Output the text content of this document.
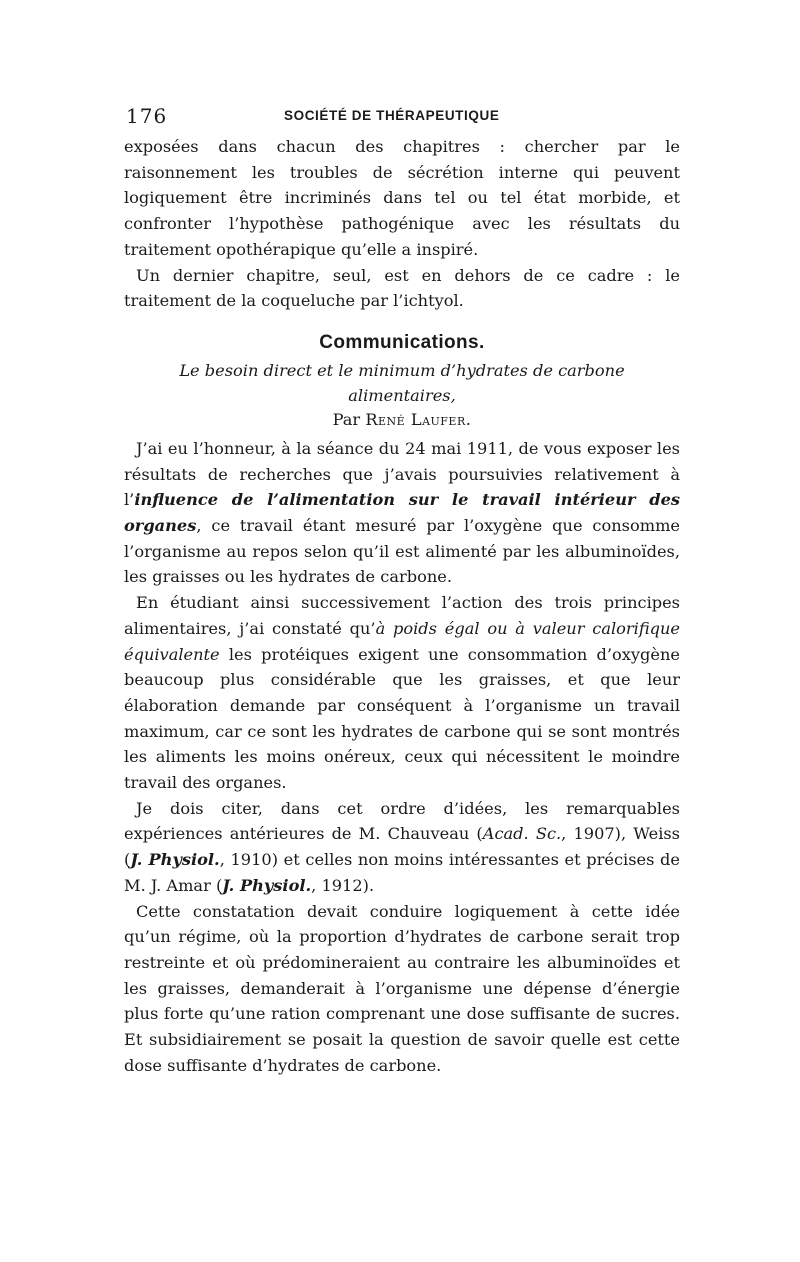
176	SOCIÉTÉ DE THÉRAPEUTIQUE

exposées dans chacun des chapitres : chercher par le raisonnement les troubles de sécrétion interne qui peuvent logiquement être incriminés dans tel ou tel état morbide, et confronter l’hypothèse pathogénique avec les résultats du traitement opothérapique qu’elle a inspiré.

Un dernier chapitre, seul, est en dehors de ce cadre : le traitement de la coqueluche par l’ichtyol.

Communications.

Le besoin direct et le minimum d’hydrates de carbone alimentaires,

Par René Laufer.

J’ai eu l’honneur, à la séance du 24 mai 1911, de vous exposer les résultats de recherches que j’avais poursuivies relativement à l’influence de l’alimentation sur le travail intérieur des organes, ce travail étant mesuré par l’oxygène que consomme l’organisme au repos selon qu’il est alimenté par les albuminoïdes, les graisses ou les hydrates de carbone.

En étudiant ainsi successivement l’action des trois principes alimentaires, j’ai constaté qu’à poids égal ou à valeur calorifique équivalente les protéiques exigent une consommation d’oxygène beaucoup plus considérable que les graisses, et que leur élaboration demande par conséquent à l’organisme un travail maximum, car ce sont les hydrates de carbone qui se sont montrés les aliments les moins onéreux, ceux qui nécessitent le moindre travail des organes.

Je dois citer, dans cet ordre d’idées, les remarquables expériences antérieures de M. Chauveau (Acad. Sc., 1907), Weiss (J. Physiol., 1910) et celles non moins intéressantes et précises de M. J. Amar (J. Physiol., 1912).

Cette constatation devait conduire logiquement à cette idée qu’un régime, où la proportion d’hydrates de carbone serait trop restreinte et où prédomineraient au contraire les albuminoïdes et les graisses, demanderait à l’organisme une dépense d’énergie plus forte qu’une ration comprenant une dose suffisante de sucres. Et subsidiairement se posait la question de savoir quelle est cette dose suffisante d’hydrates de carbone.
